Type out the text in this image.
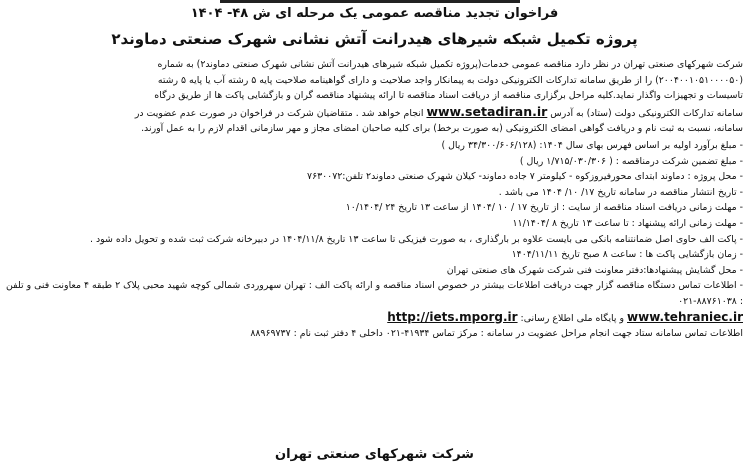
فراخوان تجدید مناقصه عمومی یک مرحله ای ش ۴۸- ۱۴۰۴
پروژه تکمیل شبکه شیرهای هیدرانت آتش نشانی شهرک صنعتی دماوند۲
شرکت شهرکهای صنعتی تهران در نظر دارد مناقصه عمومی خدمات(پروژه تکمیل شبکه شیرهای هیدرانت آتش نشانی شهرک صنعتی دماوند۲) به شماره
(۲۰۰۴۰۰۱۰۵۱۰۰۰۰۵۰) را از طریق سامانه تدارکات الکترونیکی دولت به پیمانکار واجد صلاحیت و دارای گواهینامه صلاحیت پایه ۵ رشته آب یا پایه ۵ رشته
تاسیسات و تجهیزات واگذار نماید.کلیه مراحل برگزاری مناقصه از دریافت اسناد مناقصه تا ارائه پیشنهاد مناقصه گران و بازگشایی پاکت ها از طریق درگاه
سامانه تدارکات الکترونیکی دولت (ستاد) به آدرس www.setadiran.ir انجام خواهد شد . متقاضیان شرکت در فراخوان در صورت عدم عضویت در
سامانه، نسبت به ثبت نام و دریافت گواهی امضای الکترونیکی (به صورت برخط) برای کلیه صاحبان امضای مجاز و مهر سازمانی اقدام لازم را به عمل آورند.
-مبلغ برآورد اولیه بر اساس فهرس بهای سال ۱۴۰۴: (۳۴/۳۰۰/۶۰۶/۱۲۸ ریال )
-مبلغ تضمین شرکت درمناقصه : ( ۱/۷۱۵/۰۳۰/۳۰۶ ریال )
-محل پروژه : دماوند ابتدای محورفیروزکوه - کیلومتر ۷ جاده دماوند- کیلان شهرک صنعتی دماوند۲ تلفن:۷۶۳۰۰۷۲
-تاریخ انتشار مناقصه در سامانه تاریخ ۱۷/ ۱۰/ ۱۴۰۴ می باشد .
-مهلت زمانی دریافت اسناد مناقصه از سایت : از تاریخ ۱۷ / ۱۰ /۱۴۰۴ از ساعت ۱۳ تاریخ ۲۴ /۱۰/۱۴۰۴
-مهلت زمانی ارائه پیشنهاد : تا ساعت ۱۳ تاریخ ۸ /۱۱/۱۴۰۴
-پاکت الف حاوی اصل ضمانتنامه بانکی می بایست علاوه بر بارگذاری ، به صورت فیزیکی تا ساعت ۱۳ تاریخ ۱۴۰۴/۱۱/۸ در دبیرخانه شرکت ثبت شده و تحویل داده شود .
-زمان بازگشایی پاکت ها : ساعت ۸ صبح تاریخ ۱۴۰۴/۱۱/۱۱
-محل گشایش پیشنهادها:دفتر معاونت فنی شرکت شهرک های صنعتی تهران
-اطلاعات تماس دستگاه مناقصه گزار جهت دریافت اطلاعات بیشتر در خصوص اسناد مناقصه و ارائه پاکت الف : تهران سهروردی شمالی کوچه شهید محبی پلاک ۲ طبقه ۴ معاونت فنی و تلفن : ۸۸۷۶۱۰۳۸-۰۲۱
www.tehraniec.ir و پایگاه ملی اطلاع رسانی: http://iets.mporg.ir
اطلاعات تماس سامانه ستاد جهت انجام مراحل عضویت در سامانه : مرکز تماس ۴۱۹۳۴-۰۲۱ داخلی ۴ دفتر ثبت نام : ۸۸۹۶۹۷۳۷
شرکت شهرکهای صنعتی تهران
